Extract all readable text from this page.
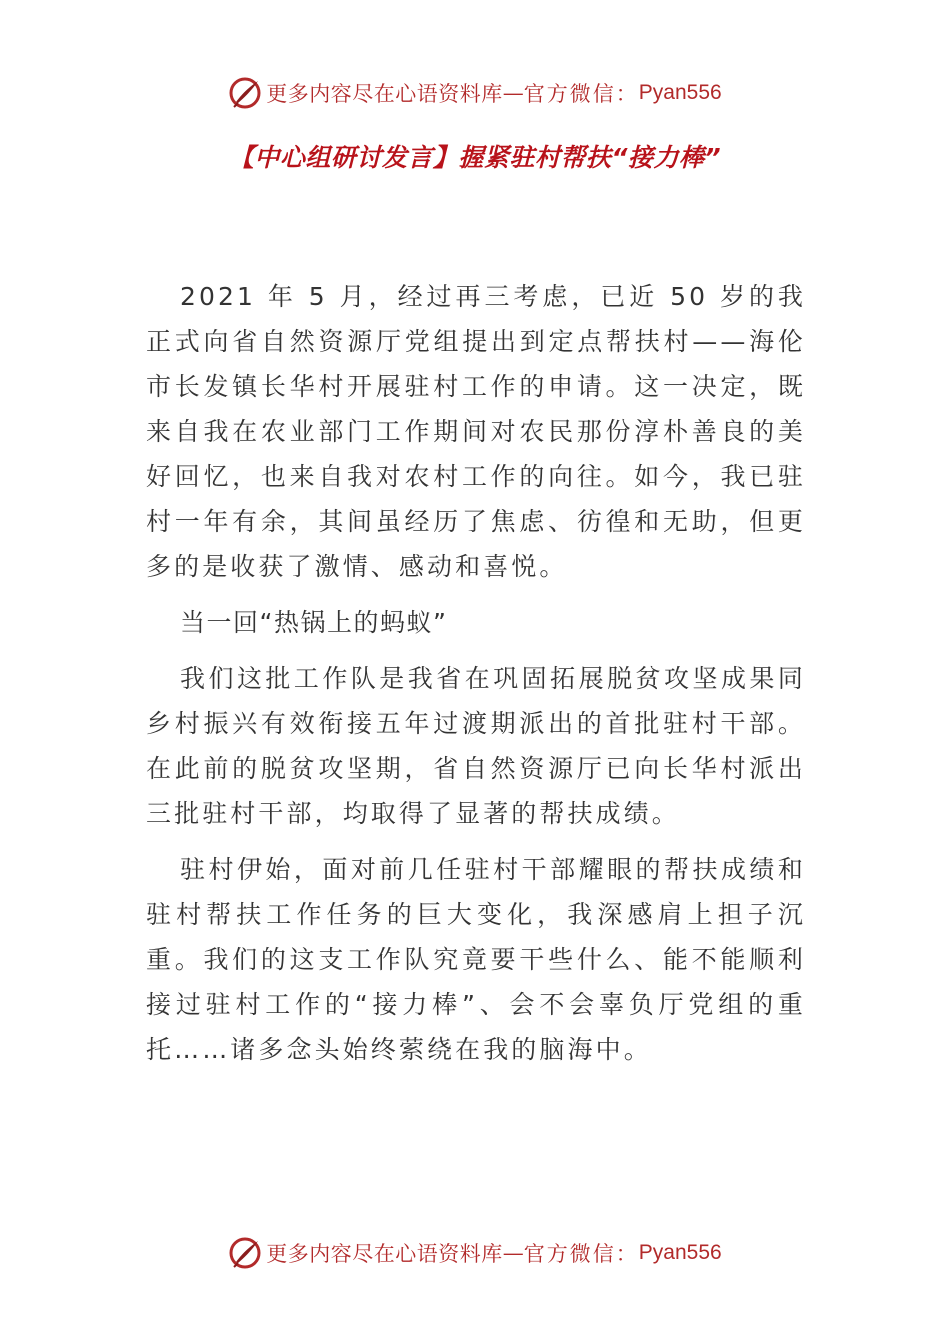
更多内容尽在心语资料库 — 官方微信： Pyan556
【中心组研讨发言】握紧驻村帮扶“接力棒”

2021 年 5 月，经过再三考虑，已近 50 岁的我正式向省自然资源厅党组提出到定点帮扶村——海伦市长发镇长华村开展驻村工作的申请。这一决定，既来自我在农业部门工作期间对农民那份淳朴善良的美好回忆，也来自我对农村工作的向往。如今，我已驻村一年有余，其间虽经历了焦虑、彷徨和无助，但更多的是收获了激情、感动和喜悦。

当一回“热锅上的蚂蚁”

我们这批工作队是我省在巩固拓展脱贫攻坚成果同乡村振兴有效衔接五年过渡期派出的首批驻村干部。在此前的脱贫攻坚期，省自然资源厅已向长华村派出三批驻村干部，均取得了显著的帮扶成绩。

驻村伊始，面对前几任驻村干部耀眼的帮扶成绩和驻村帮扶工作任务的巨大变化，我深感肩上担子沉重。我们的这支工作队究竟要干些什么、能不能顺利接过驻村工作的“接力棒”、会不会辜负厅党组的重托……诸多念头始终萦绕在我的脑海中。

更多内容尽在心语资料库 — 官方微信： Pyan556
